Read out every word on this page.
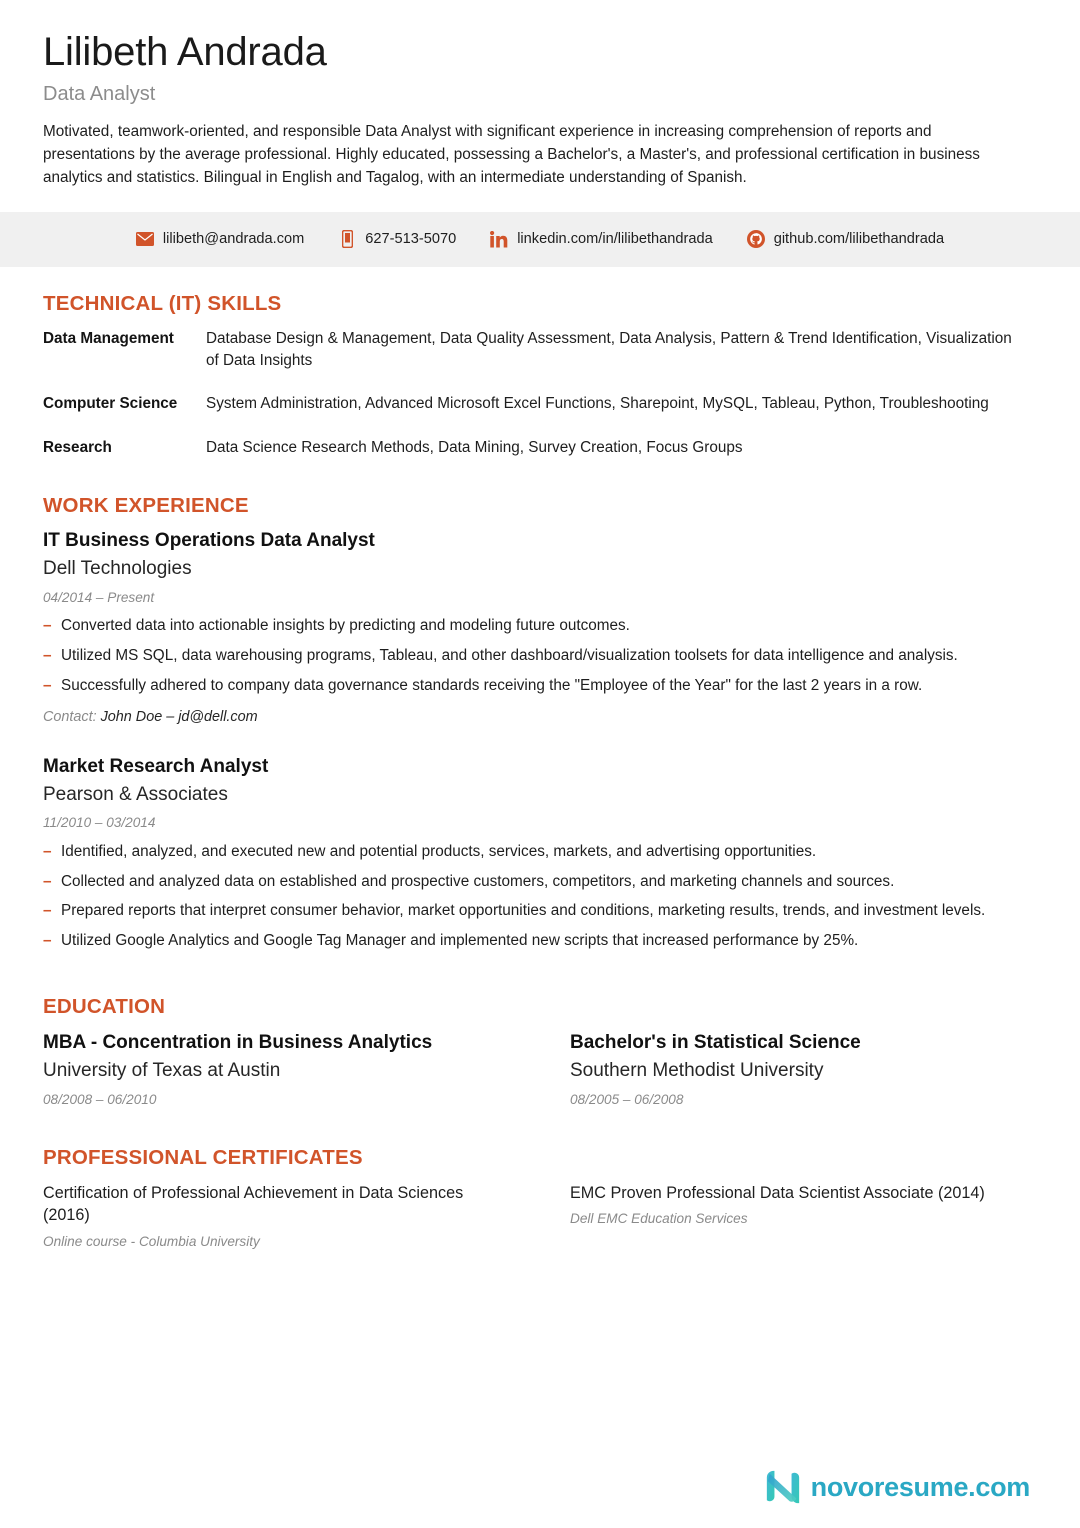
Lilibeth Andrada
Data Analyst

Motivated, teamwork-oriented, and responsible Data Analyst with significant experience in increasing comprehension of reports and presentations by the average professional. Highly educated, possessing a Bachelor's, a Master's, and professional certification in business analytics and statistics. Bilingual in English and Tagalog, with an intermediate understanding of Spanish.

lilibeth@andrada.com	627-513-5070	linkedin.com/in/lilibethandrada	github.com/lilibethandrada
TECHNICAL (IT) SKILLS
Data Management	Database Design & Management, Data Quality Assessment, Data Analysis, Pattern & Trend Identification, Visualization of Data Insights
Computer Science	System Administration, Advanced Microsoft Excel Functions, Sharepoint, MySQL, Tableau, Python, Troubleshooting
Research	Data Science Research Methods, Data Mining, Survey Creation, Focus Groups
WORK EXPERIENCE
IT Business Operations Data Analyst
Dell Technologies
04/2014 – Present
– Converted data into actionable insights by predicting and modeling future outcomes.
– Utilized MS SQL, data warehousing programs, Tableau, and other dashboard/visualization toolsets for data intelligence and analysis.
– Successfully adhered to company data governance standards receiving the "Employee of the Year" for the last 2 years in a row.
Contact: John Doe – jd@dell.com
Market Research Analyst
Pearson & Associates
11/2010 – 03/2014
– Identified, analyzed, and executed new and potential products, services, markets, and advertising opportunities.
– Collected and analyzed data on established and prospective customers, competitors, and marketing channels and sources.
– Prepared reports that interpret consumer behavior, market opportunities and conditions, marketing results, trends, and investment levels.
– Utilized Google Analytics and Google Tag Manager and implemented new scripts that increased performance by 25%.
EDUCATION
MBA - Concentration in Business Analytics
University of Texas at Austin
08/2008 – 06/2010
Bachelor's in Statistical Science
Southern Methodist University
08/2005 – 06/2008
PROFESSIONAL CERTIFICATES
Certification of Professional Achievement in Data Sciences (2016)
Online course - Columbia University
EMC Proven Professional Data Scientist Associate (2014)
Dell EMC Education Services
novoresume.com
